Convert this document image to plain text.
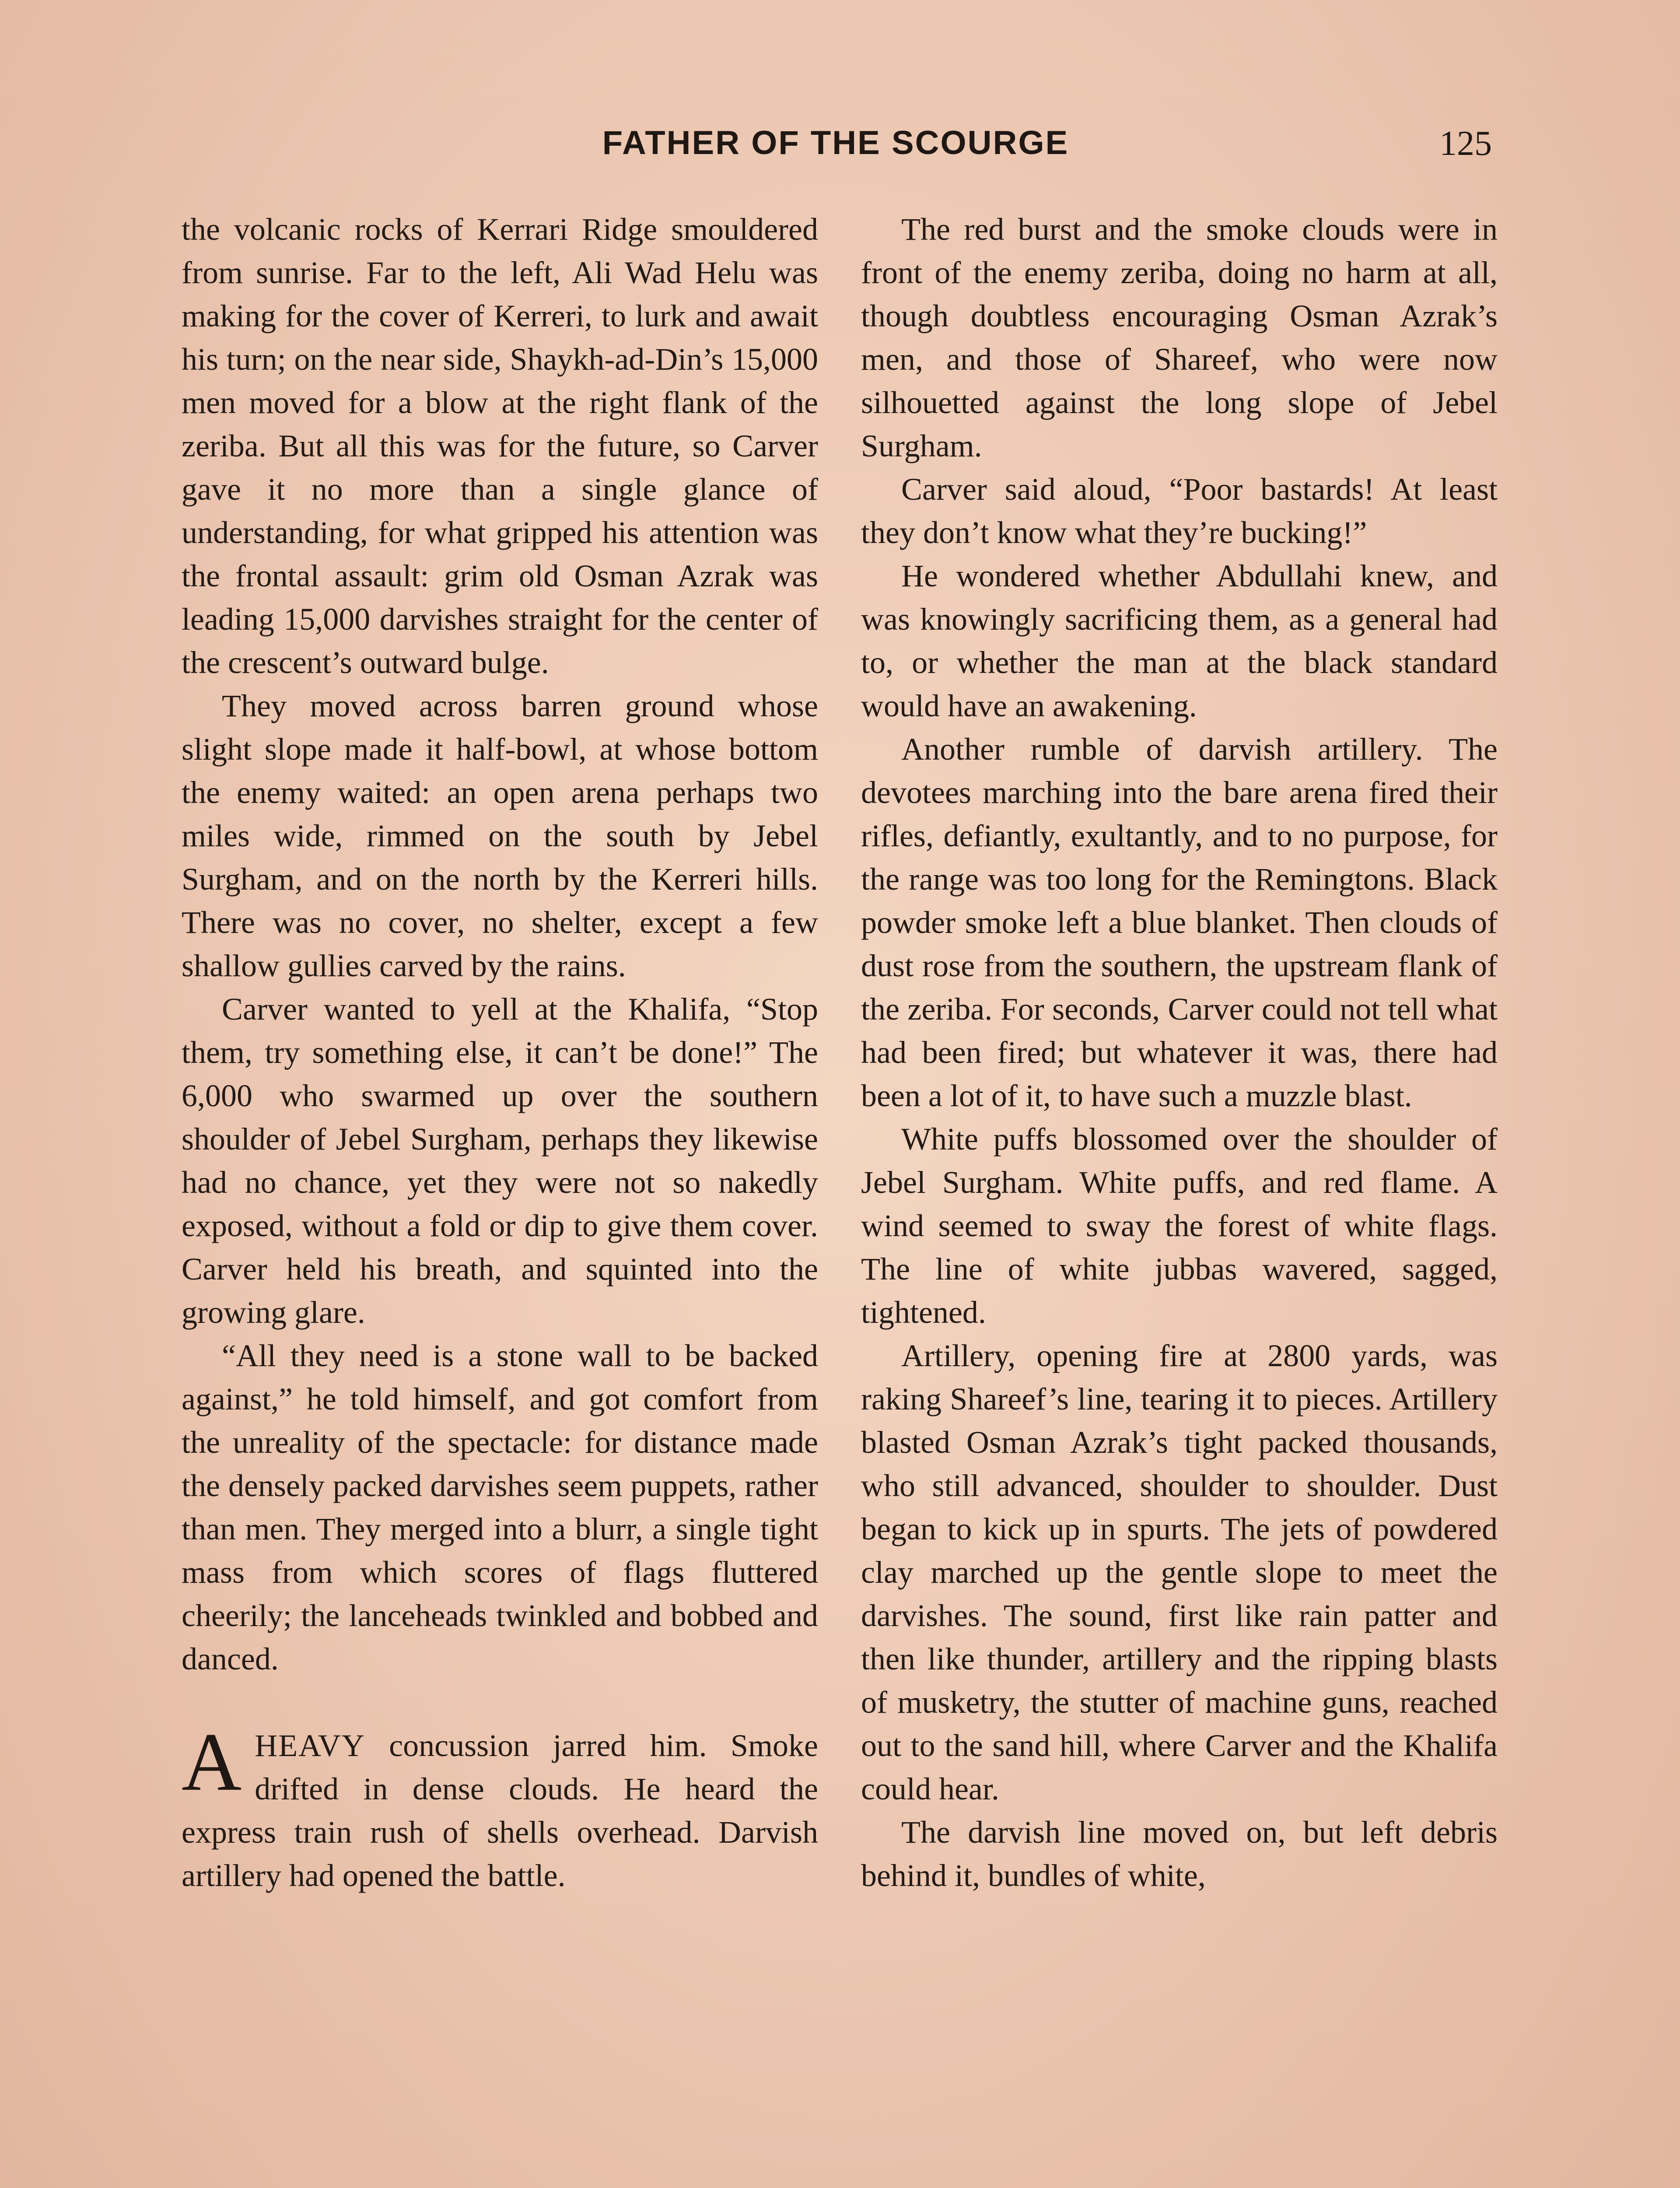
FATHER OF THE SCOURGE	125

the volcanic rocks of Kerrari Ridge smouldered from sunrise. Far to the left, Ali Wad Helu was making for the cover of Kerreri, to lurk and await his turn; on the near side, Shaykh-ad-Din’s 15,000 men moved for a blow at the right flank of the zeriba. But all this was for the future, so Carver gave it no more than a single glance of understanding, for what gripped his attention was the frontal assault: grim old Osman Azrak was leading 15,000 darvishes straight for the center of the crescent’s outward bulge.

They moved across barren ground whose slight slope made it half-bowl, at whose bottom the enemy waited: an open arena perhaps two miles wide, rimmed on the south by Jebel Surgham, and on the north by the Kerreri hills. There was no cover, no shelter, except a few shallow gullies carved by the rains.

Carver wanted to yell at the Khalifa, “Stop them, try something else, it can’t be done!” The 6,000 who swarmed up over the southern shoulder of Jebel Surgham, perhaps they likewise had no chance, yet they were not so nakedly exposed, without a fold or dip to give them cover. Carver held his breath, and squinted into the growing glare.

“All they need is a stone wall to be backed against,” he told himself, and got comfort from the unreality of the spectacle: for distance made the densely packed darvishes seem puppets, rather than men. They merged into a blurr, a single tight mass from which scores of flags fluttered cheerily; the lanceheads twinkled and bobbed and danced.

AHEAVY concussion jarred him. Smoke drifted in dense clouds. He heard the express train rush of shells overhead. Darvish artillery had opened the battle.

The red burst and the smoke clouds were in front of the enemy zeriba, doing no harm at all, though doubtless encouraging Osman Azrak’s men, and those of Shareef, who were now silhouetted against the long slope of Jebel Surgham.

Carver said aloud, “Poor bastards! At least they don’t know what they’re bucking!”

He wondered whether Abdullahi knew, and was knowingly sacrificing them, as a general had to, or whether the man at the black standard would have an awakening.

Another rumble of darvish artillery. The devotees marching into the bare arena fired their rifles, defiantly, exultantly, and to no purpose, for the range was too long for the Remingtons. Black powder smoke left a blue blanket. Then clouds of dust rose from the southern, the upstream flank of the zeriba. For seconds, Carver could not tell what had been fired; but whatever it was, there had been a lot of it, to have such a muzzle blast.

White puffs blossomed over the shoulder of Jebel Surgham. White puffs, and red flame. A wind seemed to sway the forest of white flags. The line of white jubbas wavered, sagged, tightened.

Artillery, opening fire at 2800 yards, was raking Shareef’s line, tearing it to pieces. Artillery blasted Osman Azrak’s tight packed thousands, who still advanced, shoulder to shoulder. Dust began to kick up in spurts. The jets of powdered clay marched up the gentle slope to meet the darvishes. The sound, first like rain patter and then like thunder, artillery and the ripping blasts of musketry, the stutter of machine guns, reached out to the sand hill, where Carver and the Khalifa could hear.

The darvish line moved on, but left debris behind it, bundles of white,
